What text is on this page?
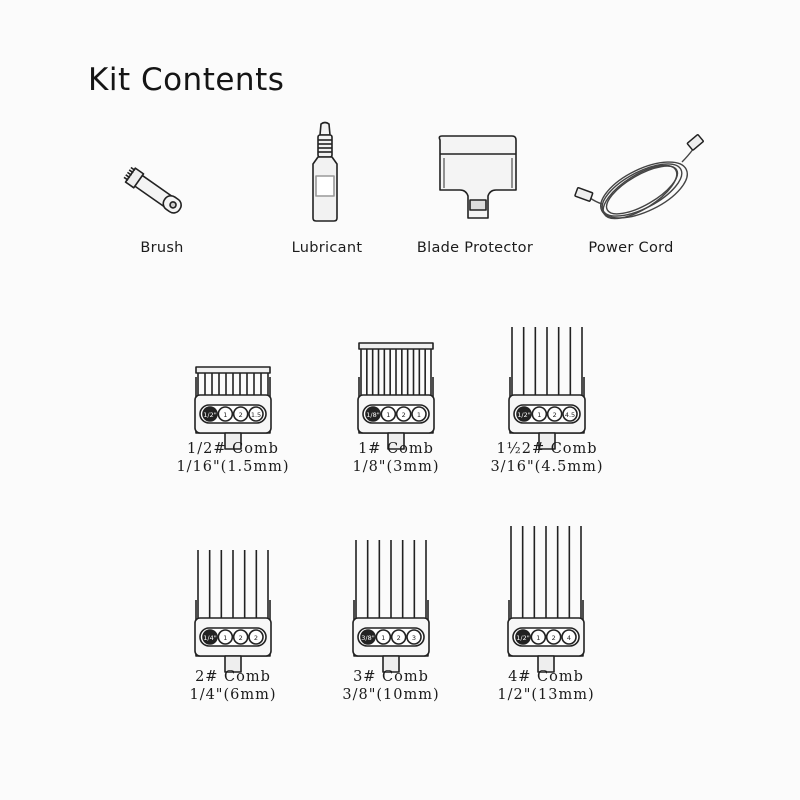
Kit Contents
Brush	Lubricant	Blade Protector	Power Cord
1/2" 1 2 1.5
1/2# Comb
1/16"(1.5mm)
1/8" 1 2 1
1# Comb
1/8"(3mm)
1/2" 1 2 4.5
1½2# Comb
3/16"(4.5mm)
1/4" 1 2 2
2# Comb
1/4"(6mm)
3/8" 1 2 3
3# Comb
3/8"(10mm)
1/2" 1 2 4
4# Comb
1/2"(13mm)
